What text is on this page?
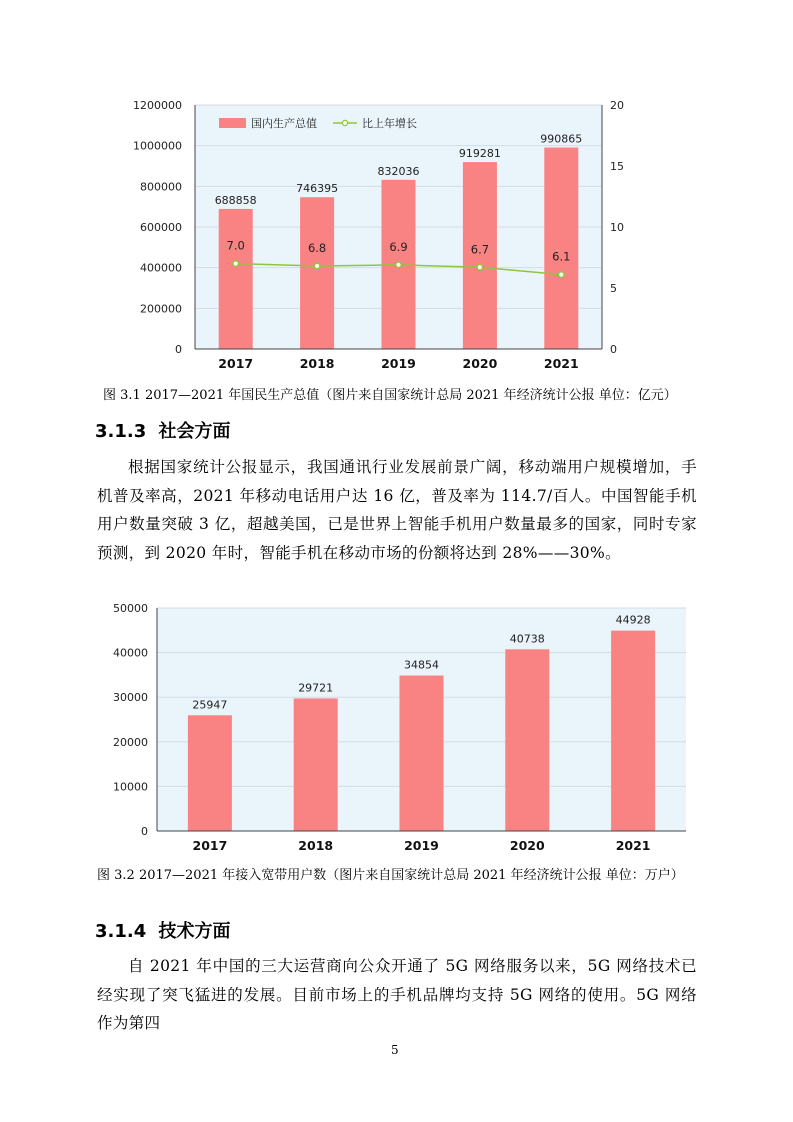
0
200000
400000
600000
800000
1000000
1200000
0
5
10
15
20
688858
2017
746395
2018
832036
2019
919281
2020
990865
2021
7.0	6.8	6.9	6.7
6.1
国内生产总值	比上年增长
图 3.1 2017—2021 年国民生产总值（图片来自国家统计总局 2021 年经济统计公报 单位：亿元）
3.1.3 社会方面

根据国家统计公报显示，我国通讯行业发展前景广阔，移动端用户规模增加，手机普及率高，2021 年移动电话用户达 16 亿，普及率为 114.7/百人。中国智能手机用户数量突破 3 亿，超越美国，已是世界上智能手机用户数量最多的国家，同时专家预测，到 2020 年时，智能手机在移动市场的份额将达到 28%——30%。

0
10000
20000
30000
40000
50000
25947
2017
29721
2018
34854
2019
40738
2020
44928
2021
图 3.2 2017—2021 年接入宽带用户数（图片来自国家统计总局 2021 年经济统计公报 单位：万户）
3.1.4 技术方面

自 2021 年中国的三大运营商向公众开通了 5G 网络服务以来，5G 网络技术已经实现了突飞猛进的发展。目前市场上的手机品牌均支持 5G 网络的使用。5G 网络作为第四

5
